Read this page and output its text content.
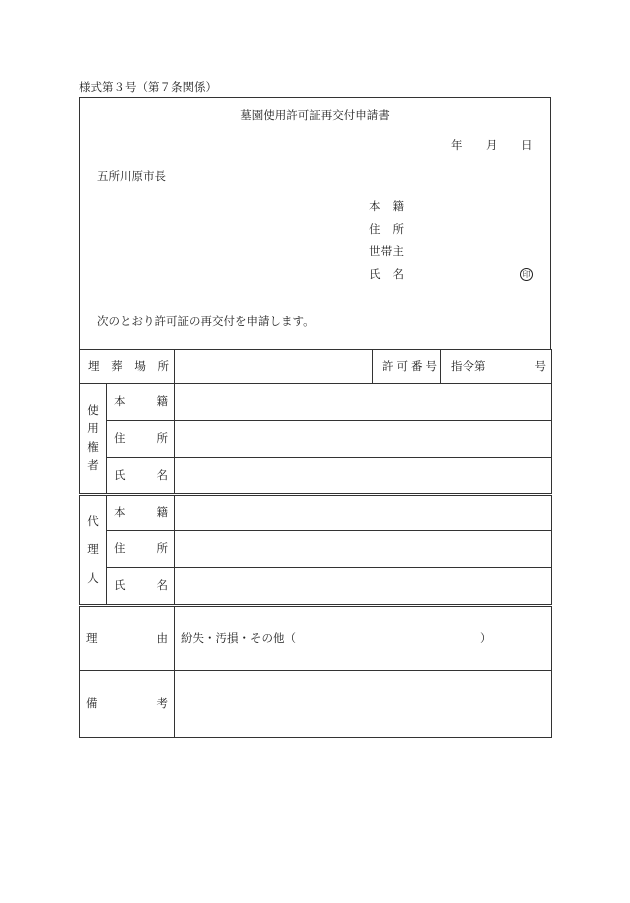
様式第３号（第７条関係）
墓園使用許可証再交付申請書
年 月 日
五所川原市長
本 籍
住 所
世 帯 主
氏 名	印
次のとおり許可証の再交付を申請します。
埋 葬 場 所			許 可 番 号	指令第 号

使
用
権
者	本 籍			

	住 所			

	氏 名			

代
理
人	本 籍			

	住 所			

	氏 名			

理 由		紛失・汚損・その他（　　　　　　　　　　　　　　　　）		

備 考				
